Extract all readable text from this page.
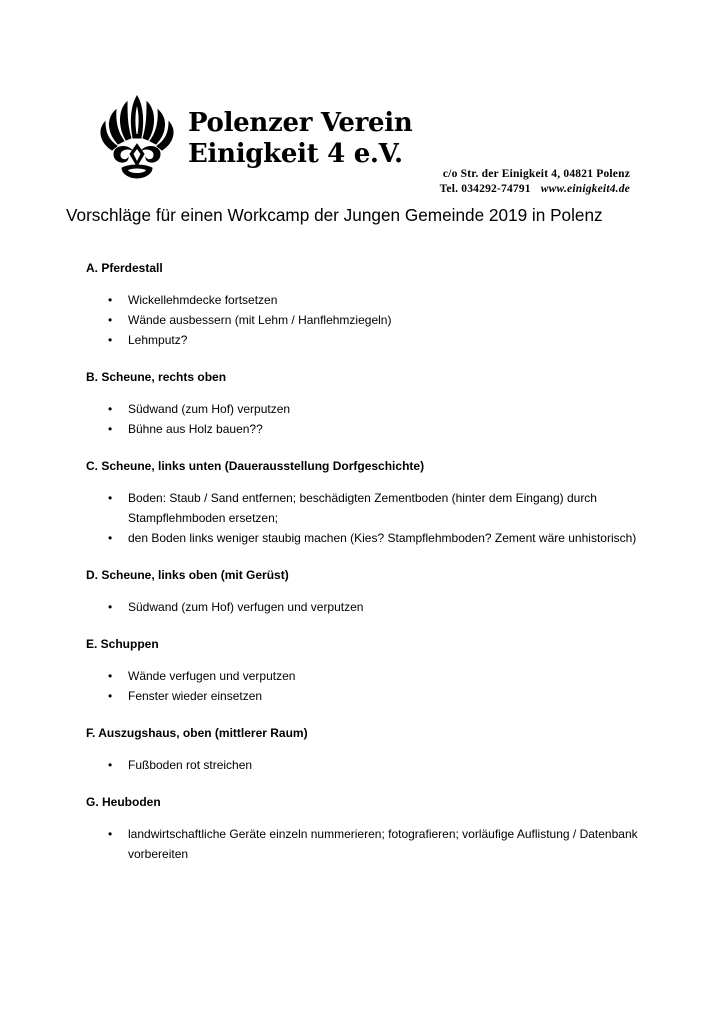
Polenzer Verein
Einigkeit 4 e.V.
c/o Str. der Einigkeit 4, 04821 Polenz
Tel. 034292-74791 www.einigkeit4.de
Vorschläge für einen Workcamp der Jungen Gemeinde 2019 in Polenz
A. Pferdestall
• Wickellehmdecke fortsetzen
• Wände ausbessern (mit Lehm / Hanflehmziegeln)
• Lehmputz?
B. Scheune, rechts oben
• Südwand (zum Hof) verputzen
• Bühne aus Holz bauen??
C. Scheune, links unten (Dauerausstellung Dorfgeschichte)
• Boden: Staub / Sand entfernen; beschädigten Zementboden (hinter dem Eingang) durch Stampflehmboden ersetzen;
• den Boden links weniger staubig machen (Kies? Stampflehmboden? Zement wäre unhistorisch)
D. Scheune, links oben (mit Gerüst)
• Südwand (zum Hof) verfugen und verputzen
E. Schuppen
• Wände verfugen und verputzen
• Fenster wieder einsetzen
F. Auszugshaus, oben (mittlerer Raum)
• Fußboden rot streichen
G. Heuboden
• landwirtschaftliche Geräte einzeln nummerieren; fotografieren; vorläufige Auflistung / Datenbank vorbereiten
